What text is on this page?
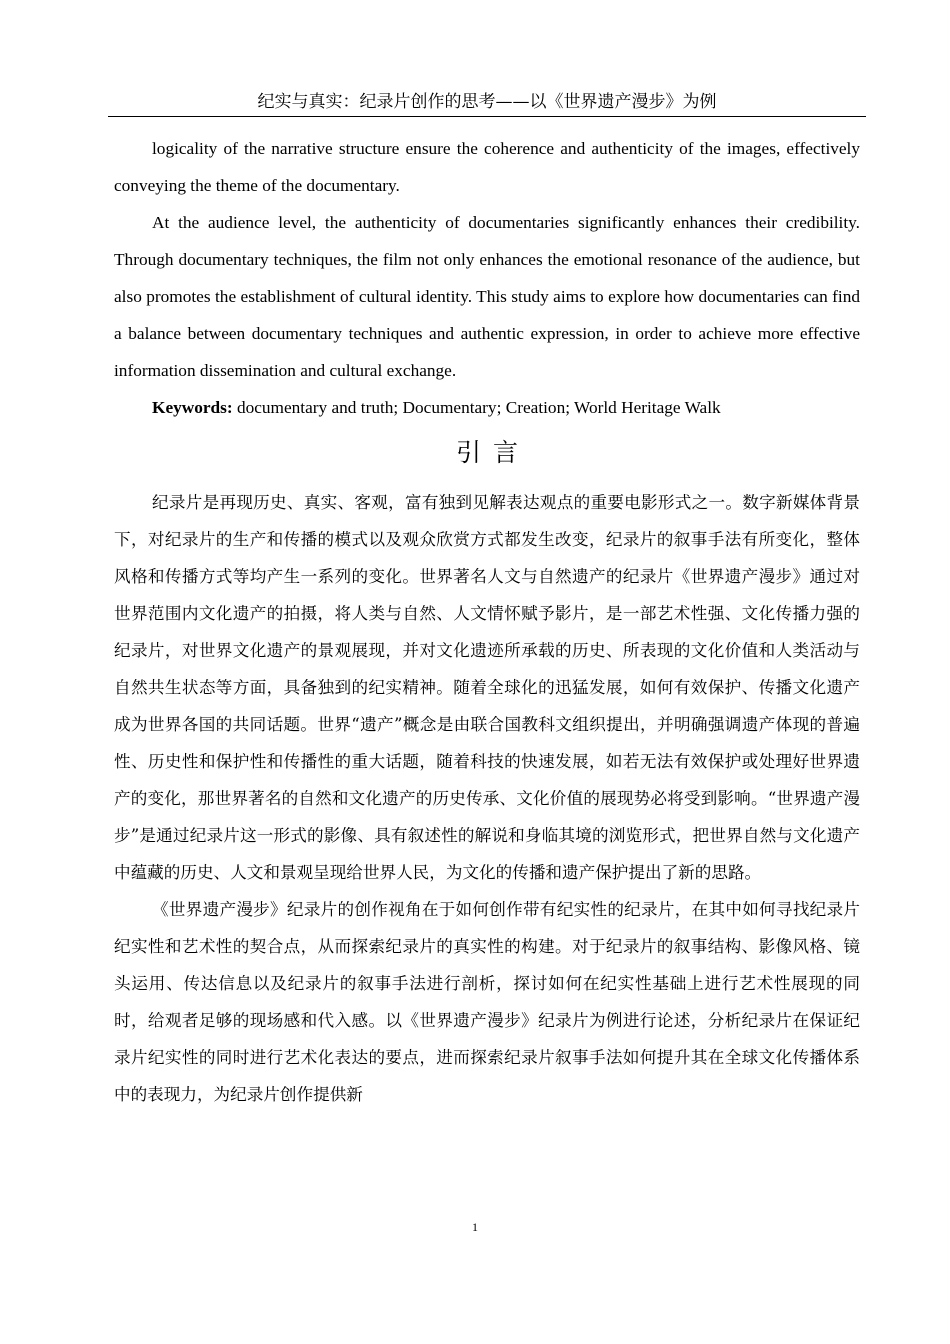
纪实与真实：纪录片创作的思考——以《世界遗产漫步》为例

logicality of the narrative structure ensure the coherence and authenticity of the images, effectively conveying the theme of the documentary.

At the audience level, the authenticity of documentaries significantly enhances their credibility. Through documentary techniques, the film not only enhances the emotional resonance of the audience, but also promotes the establishment of cultural identity. This study aims to explore how documentaries can find a balance between documentary techniques and authentic expression, in order to achieve more effective information dissemination and cultural exchange.

Keywords: documentary and truth; Documentary; Creation; World Heritage Walk

引言

纪录片是再现历史、真实、客观，富有独到见解表达观点的重要电影形式之一。数字新媒体背景下，对纪录片的生产和传播的模式以及观众欣赏方式都发生改变，纪录片的叙事手法有所变化，整体风格和传播方式等均产生一系列的变化。世界著名人文与自然遗产的纪录片《世界遗产漫步》通过对世界范围内文化遗产的拍摄，将人类与自然、人文情怀赋予影片，是一部艺术性强、文化传播力强的纪录片，对世界文化遗产的景观展现，并对文化遗迹所承载的历史、所表现的文化价值和人类活动与自然共生状态等方面，具备独到的纪实精神。随着全球化的迅猛发展，如何有效保护、传播文化遗产成为世界各国的共同话题。世界“遗产”概念是由联合国教科文组织提出，并明确强调遗产体现的普遍性、历史性和保护性和传播性的重大话题，随着科技的快速发展，如若无法有效保护或处理好世界遗产的变化，那世界著名的自然和文化遗产的历史传承、文化价值的展现势必将受到影响。“世界遗产漫步”是通过纪录片这一形式的影像、具有叙述性的解说和身临其境的浏览形式，把世界自然与文化遗产中蕴藏的历史、人文和景观呈现给世界人民，为文化的传播和遗产保护提出了新的思路。

《世界遗产漫步》纪录片的创作视角在于如何创作带有纪实性的纪录片，在其中如何寻找纪录片纪实性和艺术性的契合点，从而探索纪录片的真实性的构建。对于纪录片的叙事结构、影像风格、镜头运用、传达信息以及纪录片的叙事手法进行剖析，探讨如何在纪实性基础上进行艺术性展现的同时，给观者足够的现场感和代入感。以《世界遗产漫步》纪录片为例进行论述，分析纪录片在保证纪录片纪实性的同时进行艺术化表达的要点，进而探索纪录片叙事手法如何提升其在全球文化传播体系中的表现力，为纪录片创作提供新

1
